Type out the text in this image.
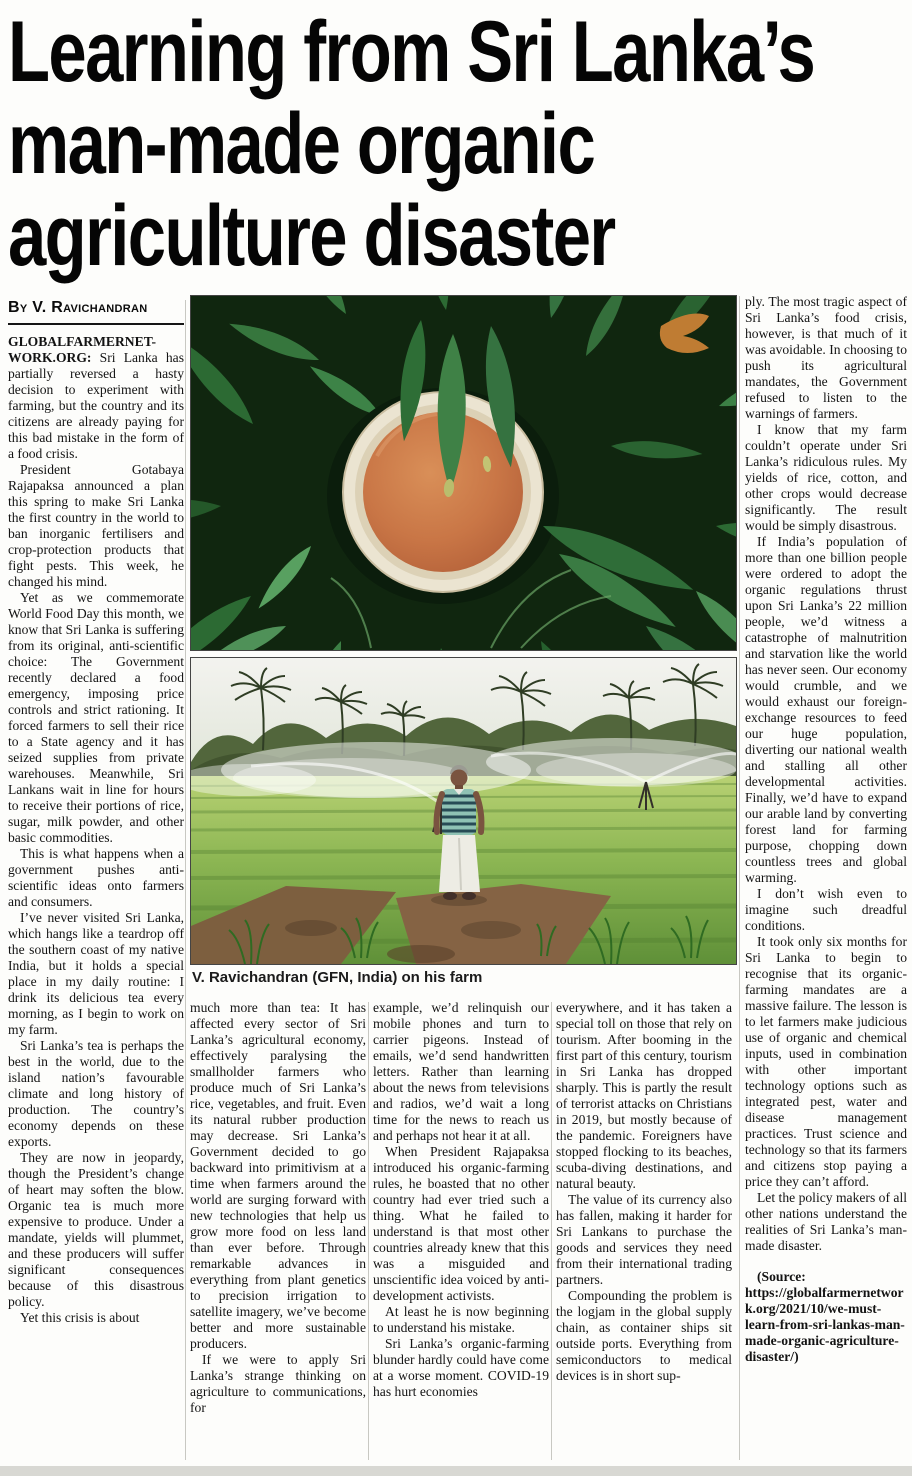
Learning from Sri Lanka’s
man-made organic
agriculture disaster
By V. Ravichandran

GLOBALFARMERNET-WORK.ORG: Sri Lanka has partially reversed a hasty decision to experiment with farming, but the country and its citizens are already paying for this bad mistake in the form of a food crisis.

President Gotabaya Rajapaksa announced a plan this spring to make Sri Lanka the first country in the world to ban inorganic fertilisers and crop-protection products that fight pests. This week, he changed his mind.

Yet as we commemorate World Food Day this month, we know that Sri Lanka is suffering from its original, anti-scientific choice: The Government recently declared a food emergency, imposing price controls and strict rationing. It forced farmers to sell their rice to a State agency and it has seized supplies from private warehouses. Meanwhile, Sri Lankans wait in line for hours to receive their portions of rice, sugar, milk powder, and other basic commodities.

This is what happens when a government pushes anti-scientific ideas onto farmers and consumers.

I’ve never visited Sri Lanka, which hangs like a teardrop off the southern coast of my native India, but it holds a special place in my daily routine: I drink its delicious tea every morning, as I begin to work on my farm.

Sri Lanka’s tea is perhaps the best in the world, due to the island nation’s favourable climate and long history of production. The country’s economy depends on these exports.

They are now in jeopardy, though the President’s change of heart may soften the blow. Organic tea is much more expensive to produce. Under a mandate, yields will plummet, and these producers will suffer significant consequences because of this disastrous policy.

Yet this crisis is about

V. Ravichandran (GFN, India) on his farm

much more than tea: It has affected every sector of Sri Lanka’s agricultural economy, effectively paralysing the smallholder farmers who produce much of Sri Lanka’s rice, vegetables, and fruit. Even its natural rubber production may decrease. Sri Lanka’s Government decided to go backward into primitivism at a time when farmers around the world are surging forward with new technologies that help us grow more food on less land than ever before. Through remarkable advances in everything from plant genetics to precision irrigation to satellite imagery, we’ve become better and more sustainable producers.

If we were to apply Sri Lanka’s strange thinking on agriculture to communications, for

example, we’d relinquish our mobile phones and turn to carrier pigeons. Instead of emails, we’d send handwritten letters. Rather than learning about the news from televisions and radios, we’d wait a long time for the news to reach us and perhaps not hear it at all.

When President Rajapaksa introduced his organic-farming rules, he boasted that no other country had ever tried such a thing. What he failed to understand is that most other countries already knew that this was a misguided and unscientific idea voiced by anti-development activists.

At least he is now beginning to understand his mistake.

Sri Lanka’s organic-farming blunder hardly could have come at a worse moment. COVID-19 has hurt economies

everywhere, and it has taken a special toll on those that rely on tourism. After booming in the first part of this century, tourism in Sri Lanka has dropped sharply. This is partly the result of terrorist attacks on Christians in 2019, but mostly because of the pandemic. Foreigners have stopped flocking to its beaches, scuba-diving destinations, and natural beauty.

The value of its currency also has fallen, making it harder for Sri Lankans to purchase the goods and services they need from their international trading partners.

Compounding the problem is the logjam in the global supply chain, as container ships sit outside ports. Everything from semiconductors to medical devices is in short sup-

ply. The most tragic aspect of Sri Lanka’s food crisis, however, is that much of it was avoidable. In choosing to push its agricultural mandates, the Government refused to listen to the warnings of farmers.

I know that my farm couldn’t operate under Sri Lanka’s ridiculous rules. My yields of rice, cotton, and other crops would decrease significantly. The result would be simply disastrous.

If India’s population of more than one billion people were ordered to adopt the organic regulations thrust upon Sri Lanka’s 22 million people, we’d witness a catastrophe of malnutrition and starvation like the world has never seen. Our economy would crumble, and we would exhaust our foreign-exchange resources to feed our huge population, diverting our national wealth and stalling all other developmental activities. Finally, we’d have to expand our arable land by converting forest land for farming purpose, chopping down countless trees and global warming.

I don’t wish even to imagine such dreadful conditions.

It took only six months for Sri Lanka to begin to recognise that its organic-farming mandates are a massive failure. The lesson is to let farmers make judicious use of organic and chemical inputs, used in combination with other important technology options such as integrated pest, water and disease management practices. Trust science and technology so that its farmers and citizens stop paying a price they can’t afford.

Let the policy makers of all other nations understand the realities of Sri Lanka’s man-made disaster.

(Source: https://globalfarmernetwork.org/2021/10/we-must-learn-from-sri-lankas-man-made-organic-agriculture-disaster/)
